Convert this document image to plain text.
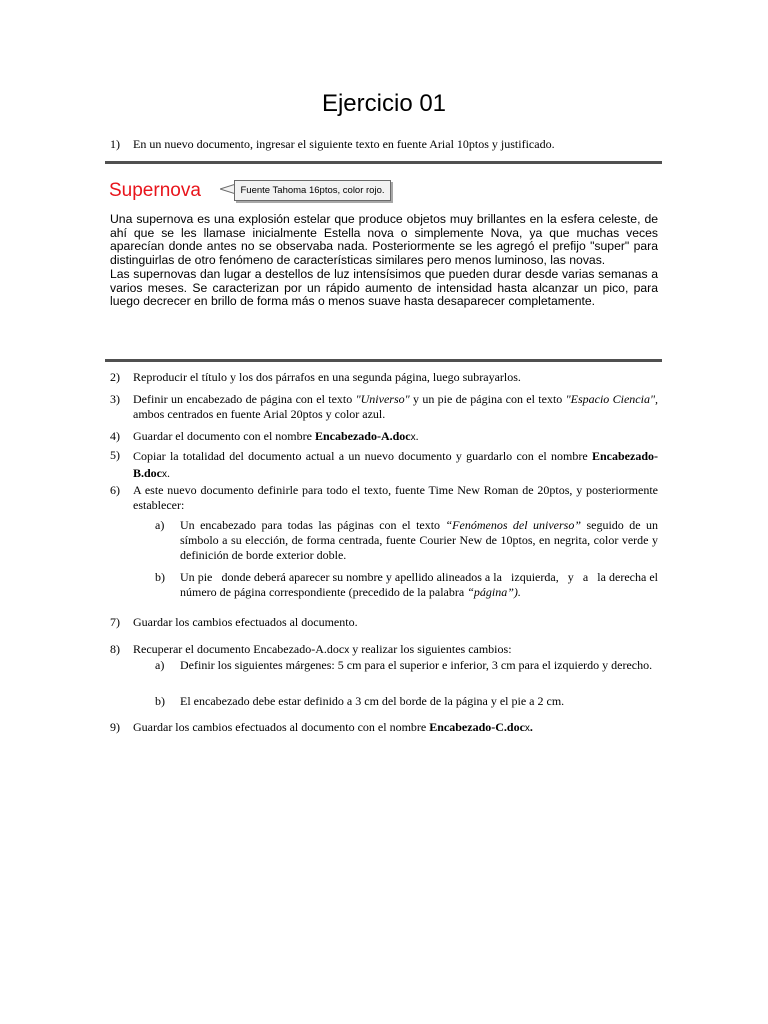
Ejercicio 01
1)	En un nuevo documento, ingresar el siguiente texto en fuente Arial 10ptos y justificado.
Supernova	Fuente Tahoma 16ptos, color rojo.

Una supernova es una explosión estelar que produce objetos muy brillantes en la esfera celeste, de ahí que se les llamase inicialmente Estella nova o simplemente Nova, ya que muchas veces aparecían donde antes no se observaba nada. Posteriormente se les agregó el prefijo "super" para distinguirlas de otro fenómeno de características similares pero menos luminoso, las novas.

Las supernovas dan lugar a destellos de luz intensísimos que pueden durar desde varias semanas a varios meses. Se caracterizan por un rápido aumento de intensidad hasta alcanzar un pico, para luego decrecer en brillo de forma más o menos suave hasta desaparecer completamente.

2)	Reproducir el título y los dos párrafos en una segunda página, luego subrayarlos.
3)	Definir un encabezado de página con el texto "Universo" y un pie de página con el texto "Espacio Ciencia", ambos centrados en fuente Arial 20ptos y color azul.
4)	Guardar el documento con el nombre Encabezado-A.docx.
5)	Copiar la totalidad del documento actual a un nuevo documento y guardarlo con el nombre Encabezado-B.docx.
6)	A este nuevo documento definirle para todo el texto, fuente Time New Roman de 20ptos, y posteriormente establecer:
a)	Un encabezado para todas las páginas con el texto “Fenómenos del universo” seguido de un símbolo a su elección, de forma centrada, fuente Courier New de 10ptos, en negrita, color verde y definición de borde exterior doble.
b)	Un pie   donde deberá aparecer su nombre y apellido alineados a la   izquierda,   y   a   la derecha el número de página correspondiente (precedido de la palabra “página”).
7)	Guardar los cambios efectuados al documento.
8)	Recuperar el documento Encabezado-A.docx y realizar los siguientes cambios:
a)	Definir los siguientes márgenes: 5 cm para el superior e inferior, 3 cm para el izquierdo y derecho.
b)	El encabezado debe estar definido a 3 cm del borde de la página y el pie a 2 cm.
9)	Guardar los cambios efectuados al documento con el nombre Encabezado-C.docx.
